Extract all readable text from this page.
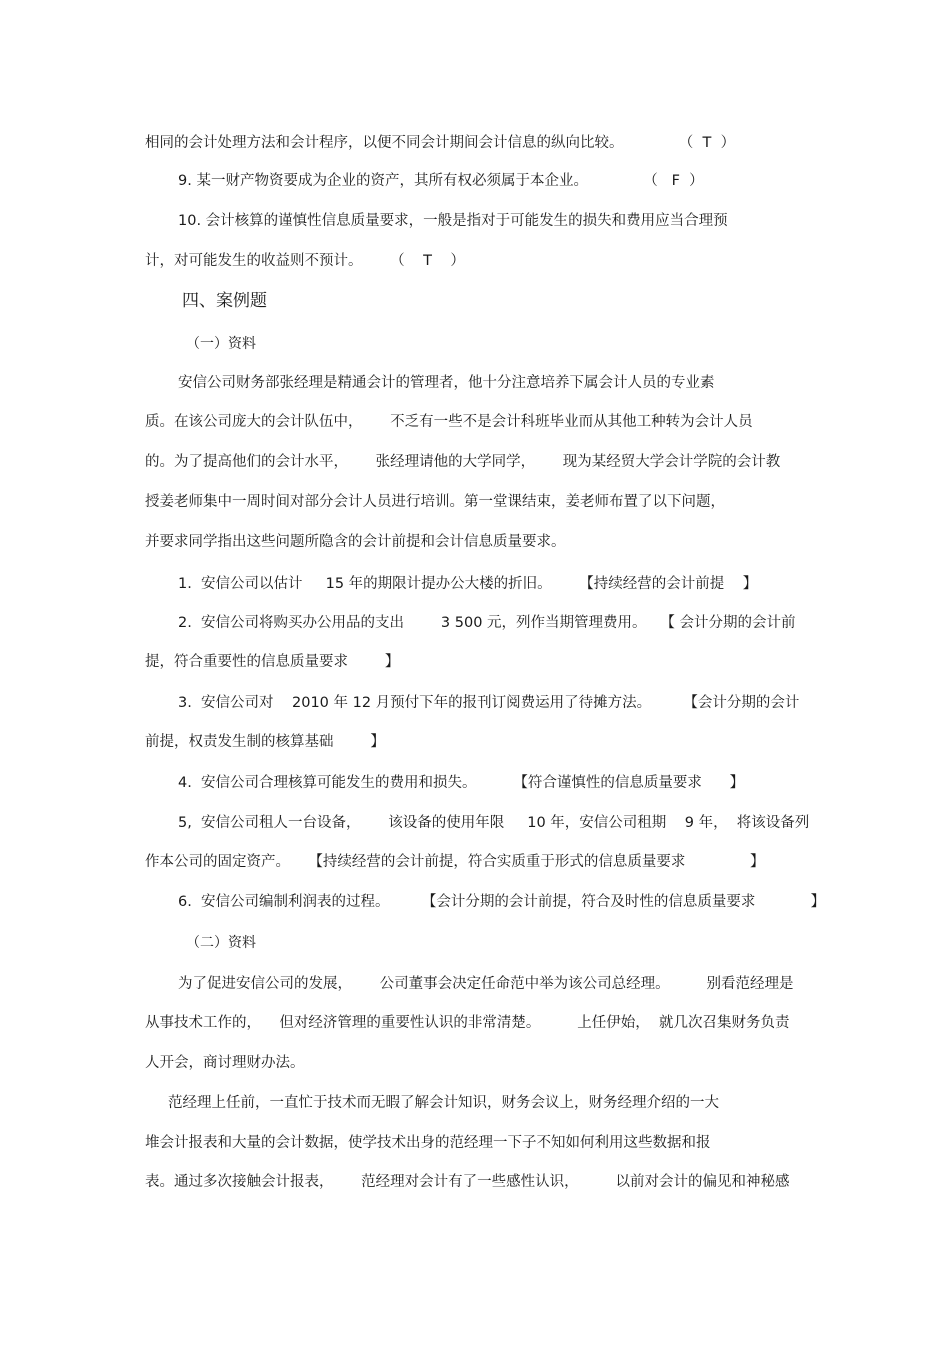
相同的会计处理方法和会计程序，以便不同会计期间会计信息的纵向比较。            （  T  ）
9. 某一财产物资要成为企业的资产，其所有权必须属于本企业。            （   F  ）
10. 会计核算的谨慎性信息质量要求，一般是指对于可能发生的损失和费用应当合理预
计，对可能发生的收益则不预计。      （    T    ）
四、案例题
（一）资料
安信公司财务部张经理是精通会计的管理者，他十分注意培养下属会计人员的专业素
质。在该公司庞大的会计队伍中，      不乏有一些不是会计科班毕业而从其他工种转为会计人员
的。为了提高他们的会计水平，      张经理请他的大学同学，      现为某经贸大学会计学院的会计教
授姜老师集中一周时间对部分会计人员进行培训。第一堂课结束，姜老师布置了以下问题，
并要求同学指出这些问题所隐含的会计前提和会计信息质量要求。
1.  安信公司以估计     15 年的期限计提办公大楼的折旧。      【持续经营的会计前提    】
2.  安信公司将购买办公用品的支出        3 500 元，列作当期管理费用。   【 会计分期的会计前
提，符合重要性的信息质量要求        】
3.  安信公司对    2010 年 12 月预付下年的报刊订阅费运用了待摊方法。       【会计分期的会计
前提，权责发生制的核算基础        】
4.  安信公司合理核算可能发生的费用和损失。        【符合谨慎性的信息质量要求      】
5,  安信公司租人一台设备，      该设备的使用年限     10 年，安信公司租期    9 年，  将该设备列
作本公司的固定资产。    【持续经营的会计前提，符合实质重于形式的信息质量要求              】
6.  安信公司编制利润表的过程。       【会计分期的会计前提，符合及时性的信息质量要求            】
（二）资料
为了促进安信公司的发展，      公司董事会决定任命范中举为该公司总经理。        别看范经理是
从事技术工作的，    但对经济管理的重要性认识的非常清楚。        上任伊始，  就几次召集财务负责
人开会，商讨理财办法。
范经理上任前，一直忙于技术而无暇了解会计知识，财务会议上，财务经理介绍的一大
堆会计报表和大量的会计数据，使学技术出身的范经理一下子不知如何利用这些数据和报
表。通过多次接触会计报表，      范经理对会计有了一些感性认识，        以前对会计的偏见和神秘感
